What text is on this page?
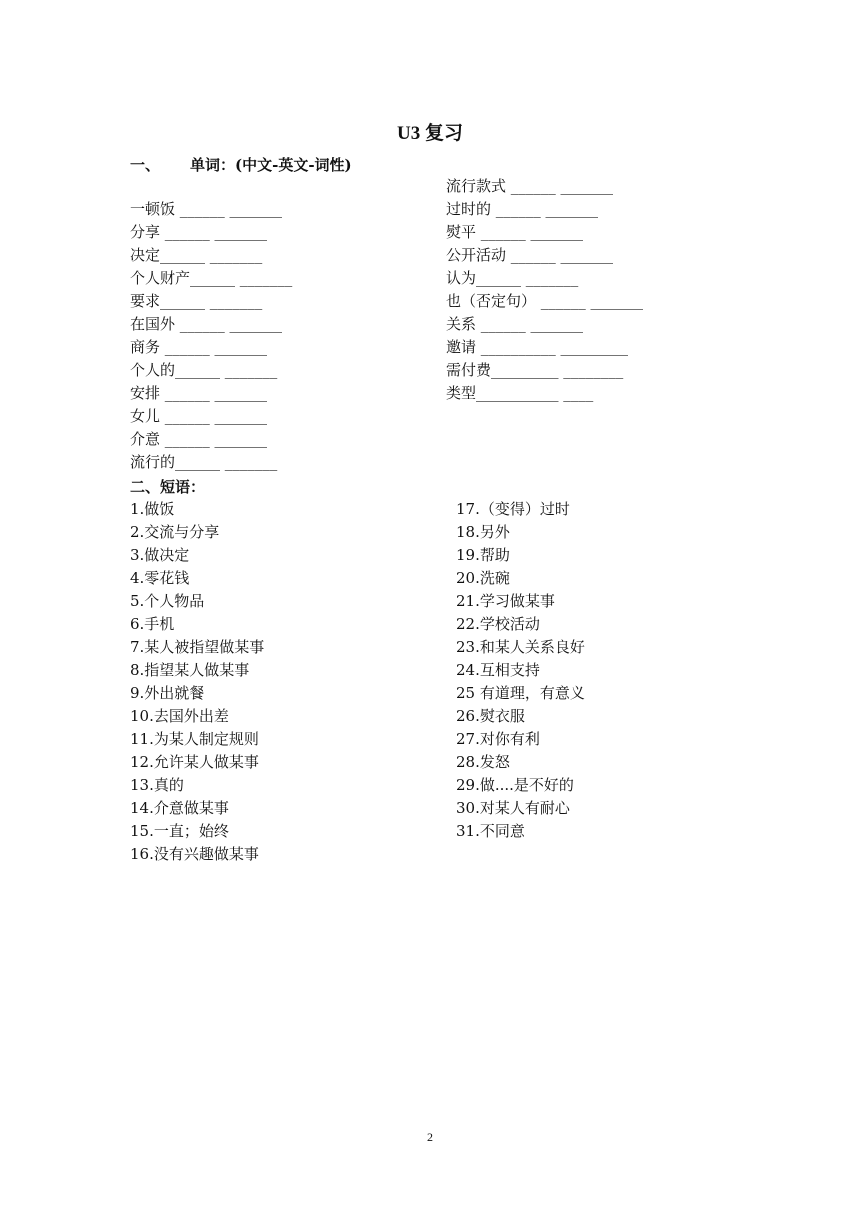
U3 复习
一、 单词：(中文-英文-词性)
一顿饭 ______ _______
分享 ______ _______
决定______ _______
个人财产______ _______
要求______ _______
在国外 ______ _______
商务 ______ _______
个人的______ _______
安排 ______ _______
女儿 ______ _______
介意 ______ _______
流行的______ _______
流行款式 ______ _______
过时的 ______ _______
熨平 ______ _______
公开活动 ______ _______
认为______ _______
也（否定句） ______ _______
关系 ______ _______
邀请 __________ _________
需付费_________ ________
类型___________ ____
二、短语：
1.做饭
2.交流与分享
3.做决定
4.零花钱
5.个人物品
6.手机
7.某人被指望做某事
8.指望某人做某事
9.外出就餐
10.去国外出差
11.为某人制定规则
12.允许某人做某事
13.真的
14.介意做某事
15.一直；始终
16.没有兴趣做某事
17.（变得）过时
18.另外
19.帮助
20.洗碗
21.学习做某事
22.学校活动
23.和某人关系良好
24.互相支持
25 有道理，有意义
26.熨衣服
27.对你有利
28.发怒
29.做....是不好的
30.对某人有耐心
31.不同意
2
